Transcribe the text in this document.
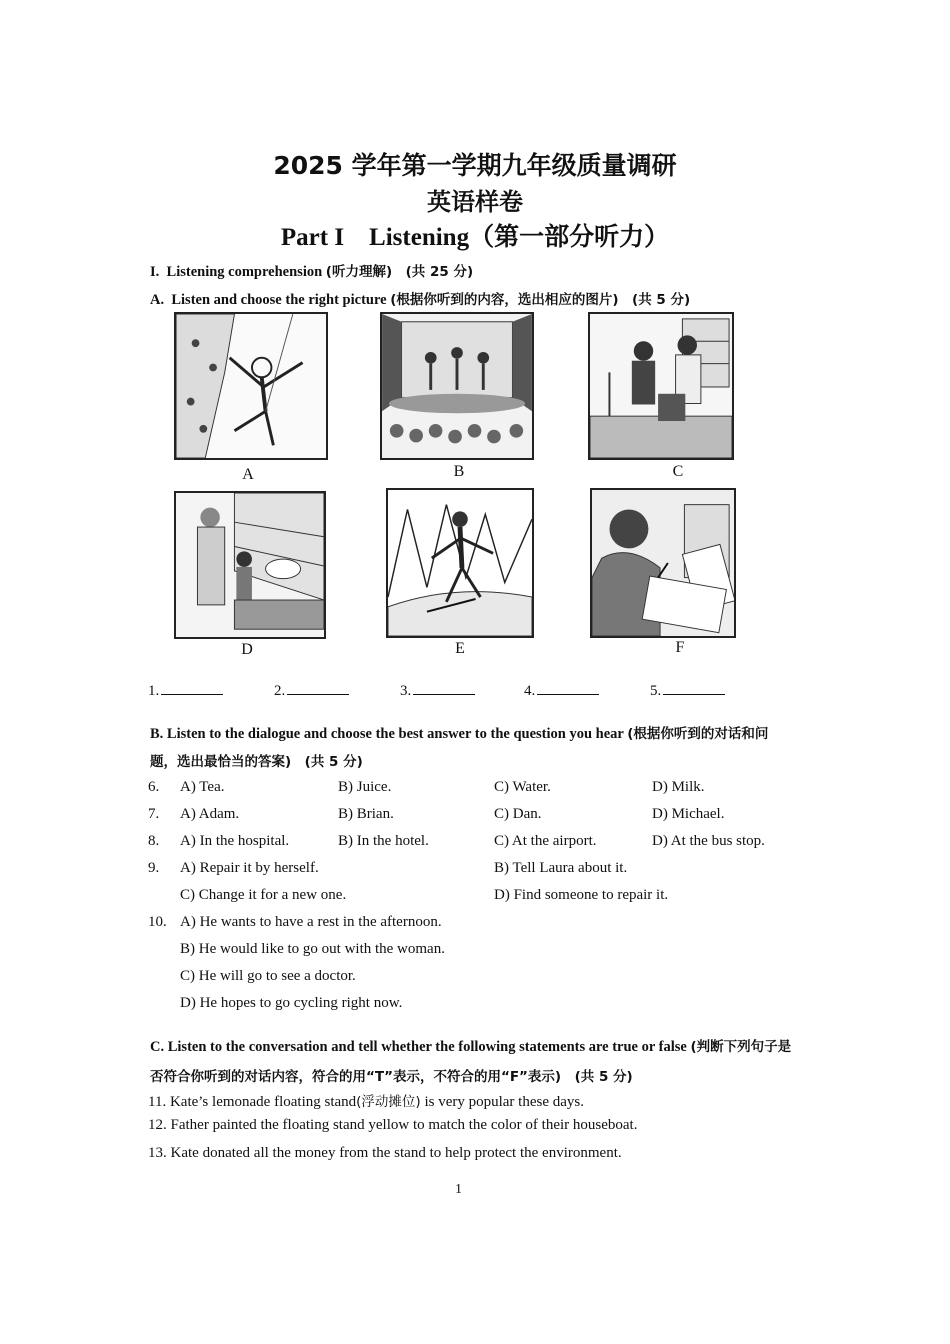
2025 学年第一学期九年级质量调研
英语样卷
Part I　Listening（第一部分听力）
I. Listening comprehension (听力理解)　(共 25 分)
A. Listen and choose the right picture (根据你听到的内容，选出相应的图片)　(共 5 分)
A	B	C
D	E	F
1.	2.	3.	4.	5.
B. Listen to the dialogue and choose the best answer to the question you hear (根据你听到的对话和问题，选出最恰当的答案)　(共 5 分)
6. A) Tea.	B) Juice.	C) Water.	D) Milk.
7. A) Adam.	B) Brian.	C) Dan.	D) Michael.
8. A) In the hospital.	B) In the hotel.	C) At the airport.	D) At the bus stop.
9. A) Repair it by herself.	B) Tell Laura about it.
C) Change it for a new one.	D) Find someone to repair it.
10. A) He wants to have a rest in the afternoon.
B) He would like to go out with the woman.
C) He will go to see a doctor.
D) He hopes to go cycling right now.
C. Listen to the conversation and tell whether the following statements are true or false (判断下列句子是否符合你听到的对话内容，符合的用“T”表示，不符合的用“F”表示)　(共 5 分)
11. Kate’s lemonade floating stand(浮动摊位) is very popular these days.
12. Father painted the floating stand yellow to match the color of their houseboat.
13. Kate donated all the money from the stand to help protect the environment.
1
